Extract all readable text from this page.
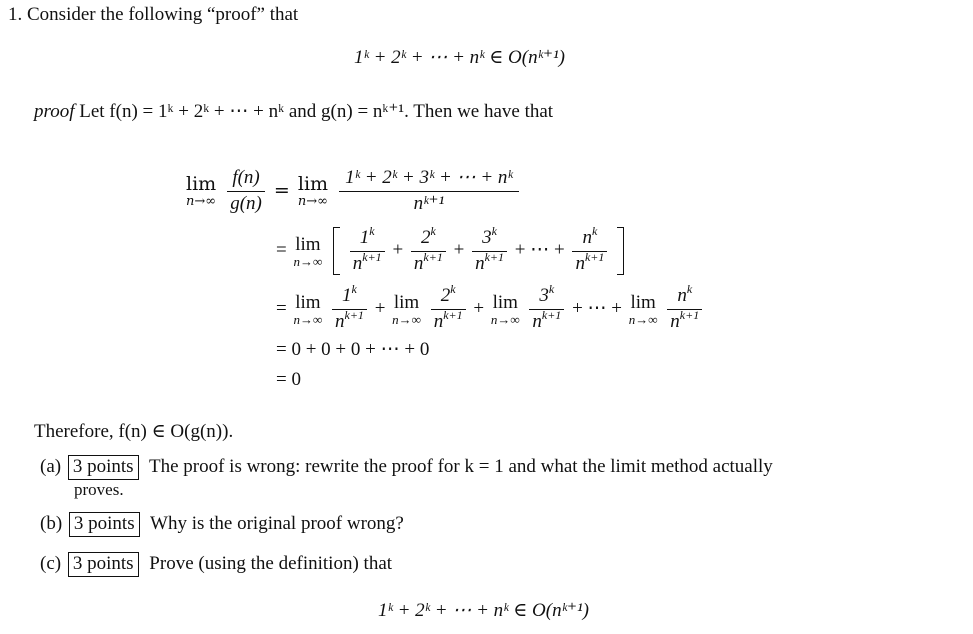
1. Consider the following “proof” that
1ᵏ + 2ᵏ + ⋯ + nᵏ ∈ O(nᵏ⁺¹)
proof Let f(n) = 1ᵏ + 2ᵏ + ⋯ + nᵏ and g(n) = nᵏ⁺¹. Then we have that
lim
n→∞
$\frac{f(n)}{g(n)} = \lim$
n→∞
$\frac{\text{1ᵏ + 2ᵏ + 3ᵏ + ⋯ + nᵏ}}{\text{nᵏ⁺¹}}$
= lim
n→∞
$\frac{1^k}{n^{k+1}} + \frac{2^k}{n^{k+1}} + \frac{3^k}{n^{k+1}}$ + ⋯ + $\frac{n^k}{n^{k+1}}$

= lim
n→∞
$\frac{1^k}{n^{k+1}} + \lim$
n→∞
$\frac{2^k}{n^{k+1}} + \lim$
n→∞
$\frac{3^k}{n^{k+1}}$ + ⋯ + lim
n→∞
$\frac{n^k}{n^{k+1}}$
= 0 + 0 + 0 + ⋯ + 0
= 0
Therefore, f(n) ∈ O(g(n)).
(a) 3 points The proof is wrong: rewrite the proof for k = 1 and what the limit method actually
proves.
(b) 3 points Why is the original proof wrong?
(c) 3 points Prove (using the definition) that
1ᵏ + 2ᵏ + ⋯ + nᵏ ∈ O(nᵏ⁺¹)
